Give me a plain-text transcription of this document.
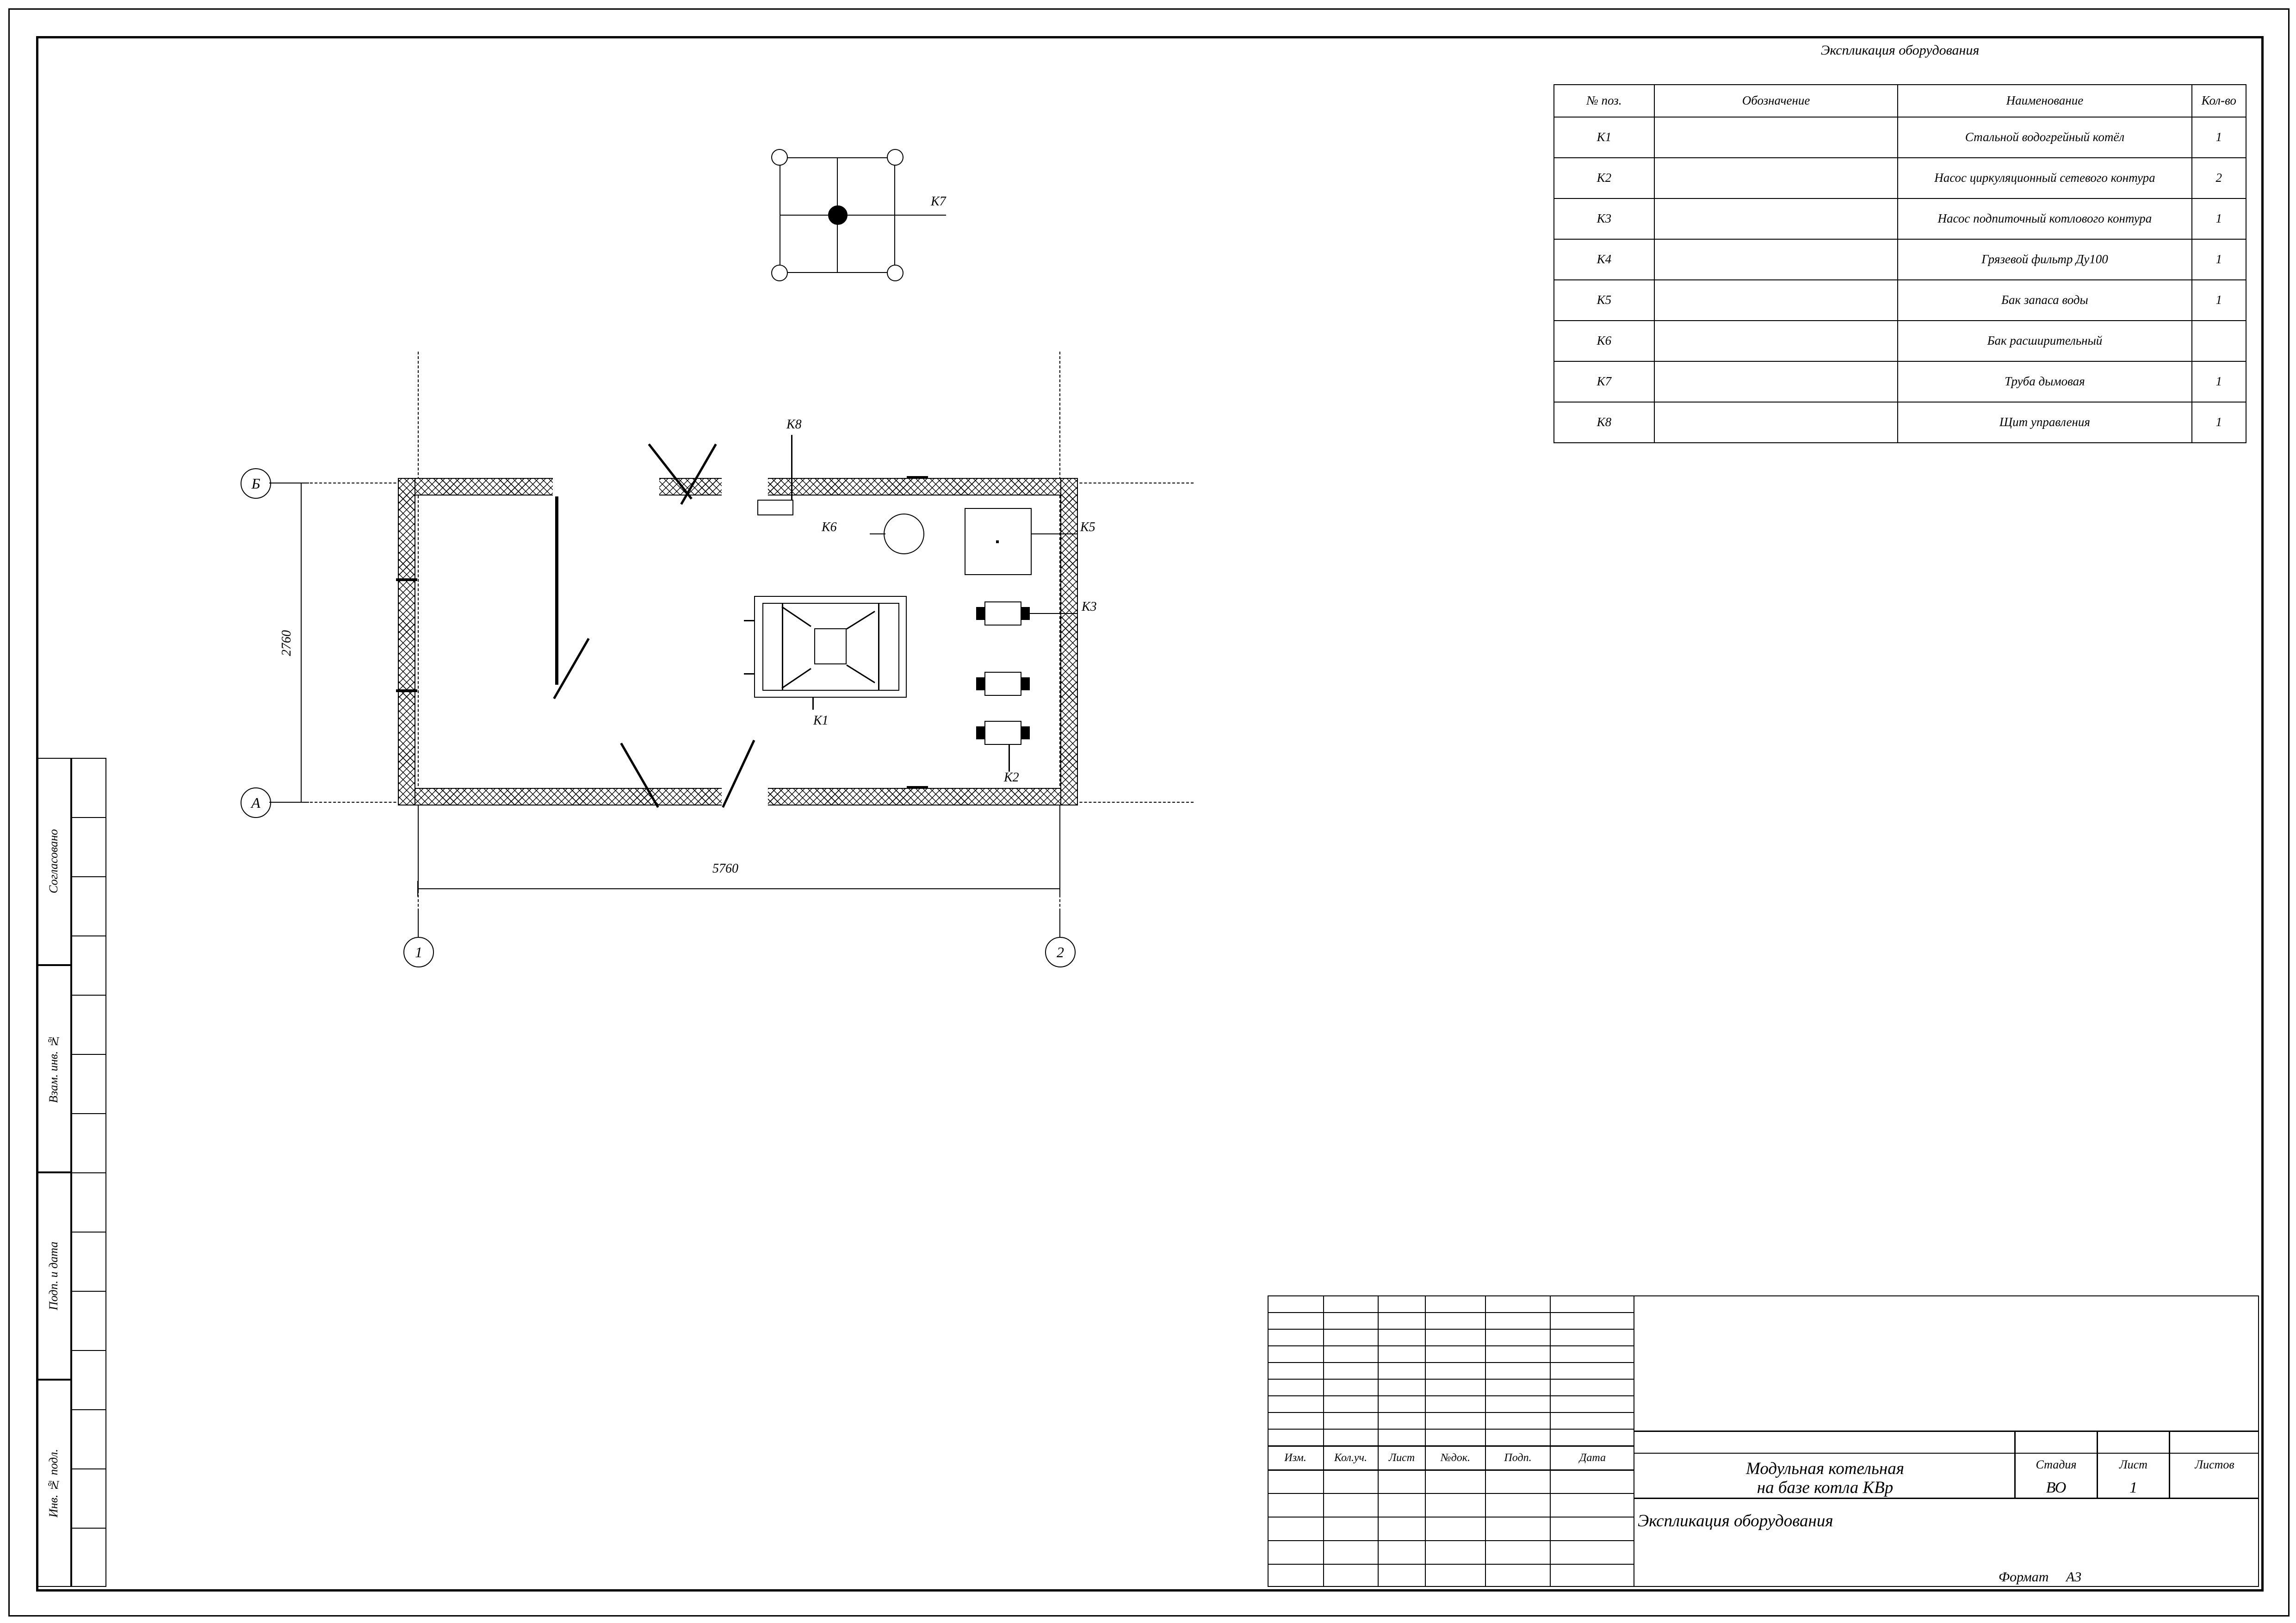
Инв. № подл.
Подп. и дата
Взам. инв. №
Согласовано
Экспликация оборудования
№ поз.	Обозначение	Наименование	Кол-во
К1		Стальной водогрейный котёл	1
К2		Насос циркуляционный сетевого контура	2
К3		Насос подпиточный котлового контура	1
К4		Грязевой фильтр Ду100	1
К5		Бак запаса воды	1
К6		Бак расширительный	
К7		Труба дымовая	1
К8		Щит управления	1
К7
К8
К6	К5
К1
К3
К2
Б
А
1	2
2760
5760
Изм.	Кол.уч.	Лист	№док.	Подп.	Дата
Модульная котельная
на базе котла КВр
Стадия	Лист	Листов
ВО	1
Экспликация оборудования
Формат А3
